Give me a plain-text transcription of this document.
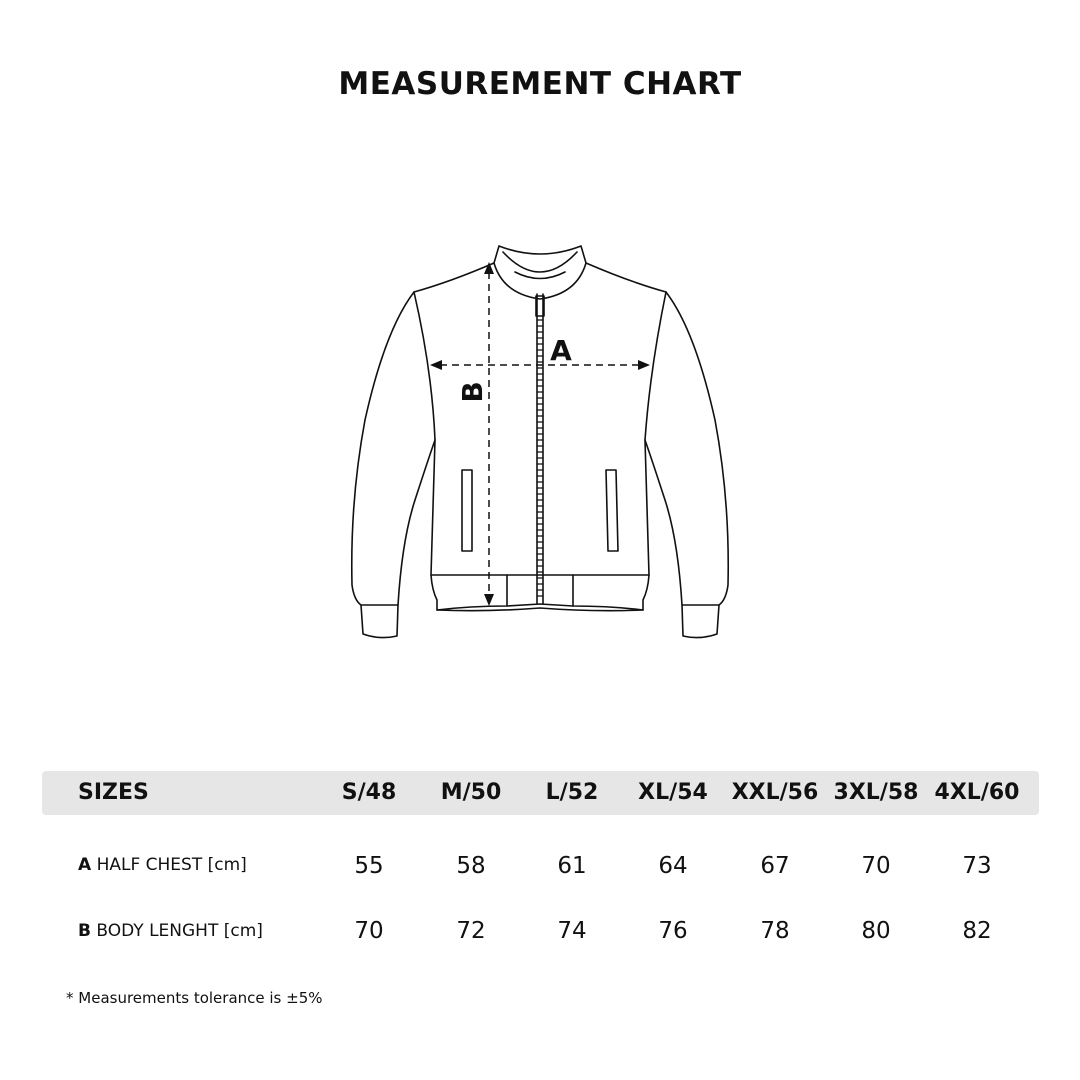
MEASUREMENT CHART
A
B
SIZES	S/48	M/50	L/52	XL/54	XXL/56 3XL/58 4XL/60
A HALF CHEST [cm]	55	58	61	64	67	70	73
B BODY LENGHT [cm]	70	72	74	76	78	80	82
* Measurements tolerance is ±5%
